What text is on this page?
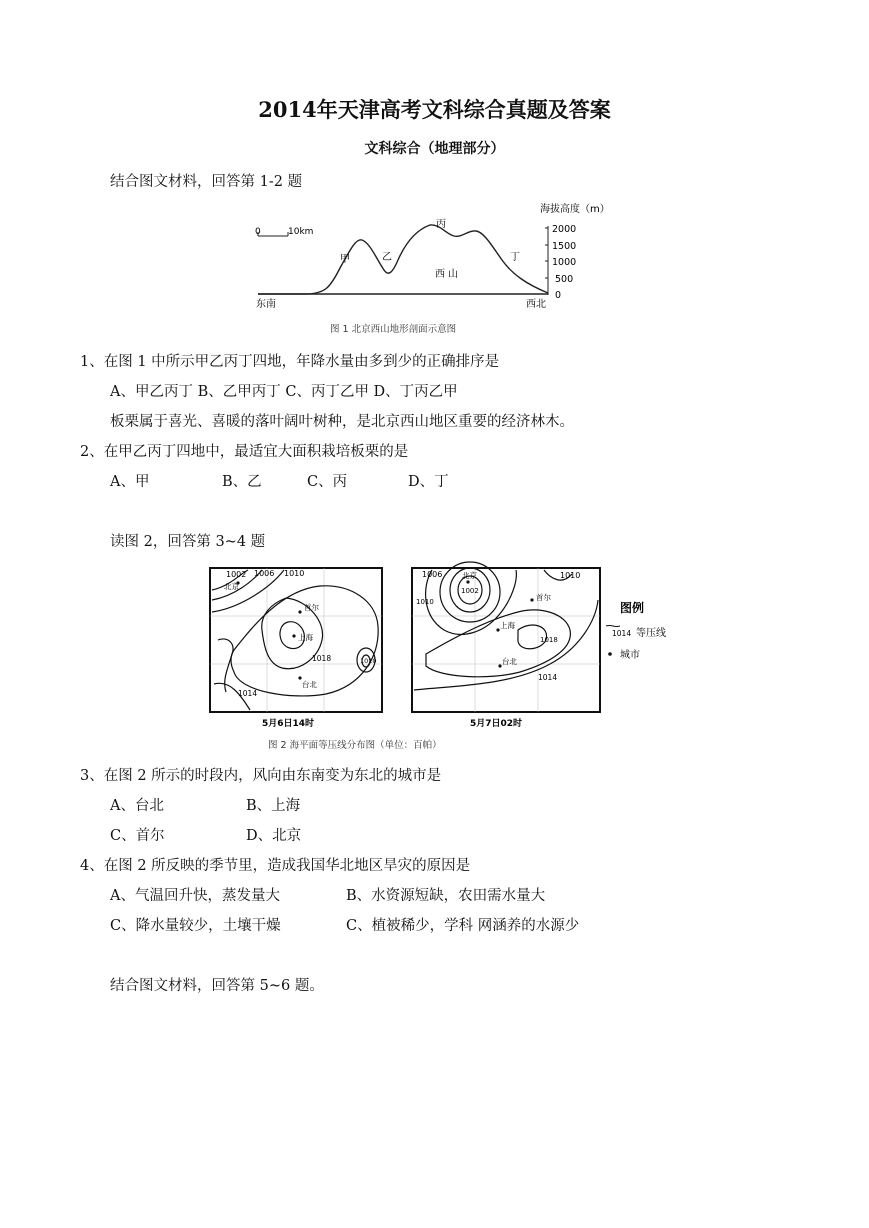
2014年天津高考文科综合真题及答案
文科综合（地理部分）
结合图文材料，回答第 1-2 题
海拔高度（m）
2000
1500
1000
500
0
0	10km
甲	乙
丙
丁
西 山
东南	西北
图 1 北京西山地形剖面示意图
1、在图 1 中所示甲乙丙丁四地，年降水量由多到少的正确排序是
A、甲乙丙丁 B、乙甲丙丁 C、丙丁乙甲 D、丁丙乙甲
板栗属于喜光、喜暖的落叶阔叶树种，是北京西山地区重要的经济林木。
2、在甲乙丙丁四地中，最适宜大面积栽培板栗的是
A、甲	B、乙	C、丙	D、丁
读图 2，回答第 3~4 题
1002 1006 1010
1018
1014
1010
北京
首尔
上海
台北
5月6日14时
1006
1002
1010
1010
1014
1018
北京
首尔
上海
台北
5月7日02时
图例
1014 等压线
城市
图 2 海平面等压线分布图（单位：百帕）
3、在图 2 所示的时段内，风向由东南变为东北的城市是
A、台北	B、上海
C、首尔	D、北京
4、在图 2 所反映的季节里，造成我国华北地区旱灾的原因是
A、气温回升快，蒸发量大	B、水资源短缺，农田需水量大
C、降水量较少，土壤干燥	C、植被稀少，学科 网涵养的水源少
结合图文材料，回答第 5~6 题。
